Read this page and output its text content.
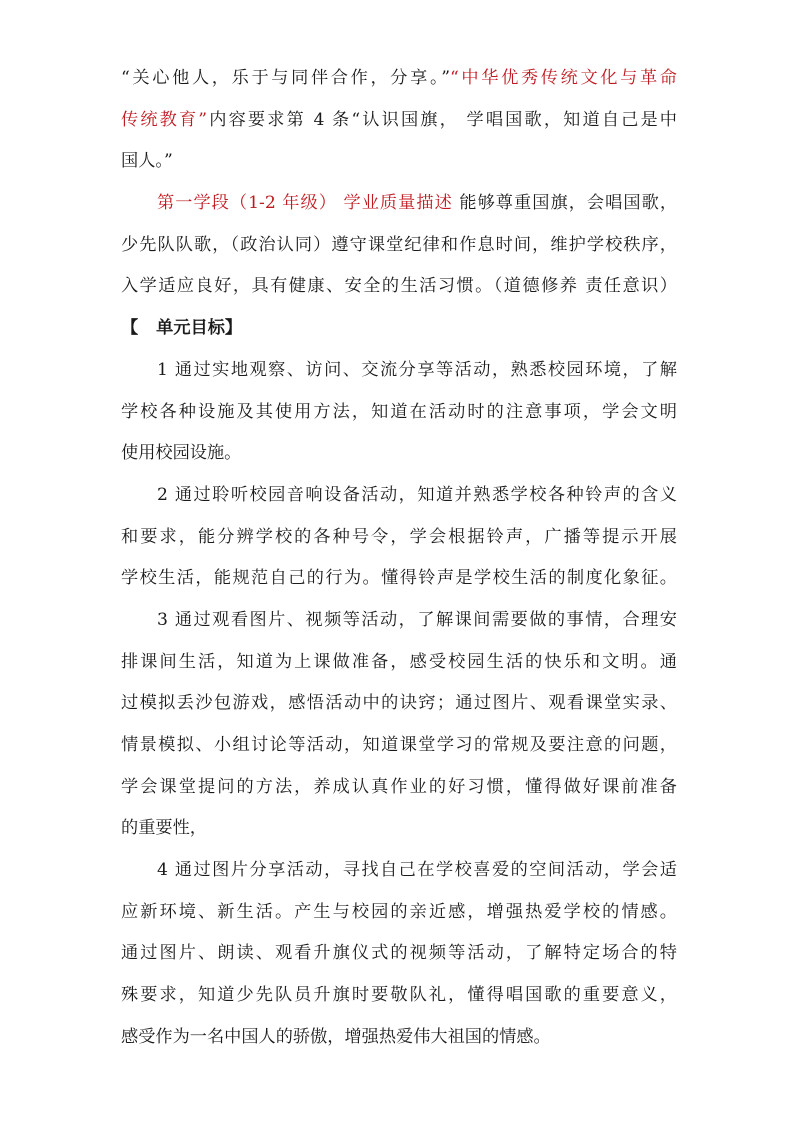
“关心他人，乐于与同伴合作，分享。”“中华优秀传统文化与革命
传统教育”内容要求第 4 条“认识国旗， 学唱国歌，知道自己是中
国人。”
第一学段（1-2 年级） 学业质量描述 能够尊重国旗，会唱国歌，
少先队队歌，（政治认同）遵守课堂纪律和作息时间，维护学校秩序，
入学适应良好，具有健康、安全的生活习惯。（道德修养 责任意识）
【   单元目标】
1 通过实地观察、访问、交流分享等活动，熟悉校园环境，了解
学校各种设施及其使用方法，知道在活动时的注意事项，学会文明
使用校园设施。
2 通过聆听校园音响设备活动，知道并熟悉学校各种铃声的含义
和要求，能分辨学校的各种号令，学会根据铃声，广播等提示开展
学校生活，能规范自己的行为。懂得铃声是学校生活的制度化象征。
3 通过观看图片、视频等活动，了解课间需要做的事情，合理安
排课间生活，知道为上课做准备，感受校园生活的快乐和文明。通
过模拟丢沙包游戏，感悟活动中的诀窍；通过图片、观看课堂实录、
情景模拟、小组讨论等活动，知道课堂学习的常规及要注意的问题，
学会课堂提问的方法，养成认真作业的好习惯，懂得做好课前准备
的重要性，
4 通过图片分享活动，寻找自己在学校喜爱的空间活动，学会适
应新环境、新生活。产生与校园的亲近感，增强热爱学校的情感。
通过图片、朗读、观看升旗仪式的视频等活动，了解特定场合的特
殊要求，知道少先队员升旗时要敬队礼，懂得唱国歌的重要意义，
感受作为一名中国人的骄傲，增强热爱伟大祖国的情感。
